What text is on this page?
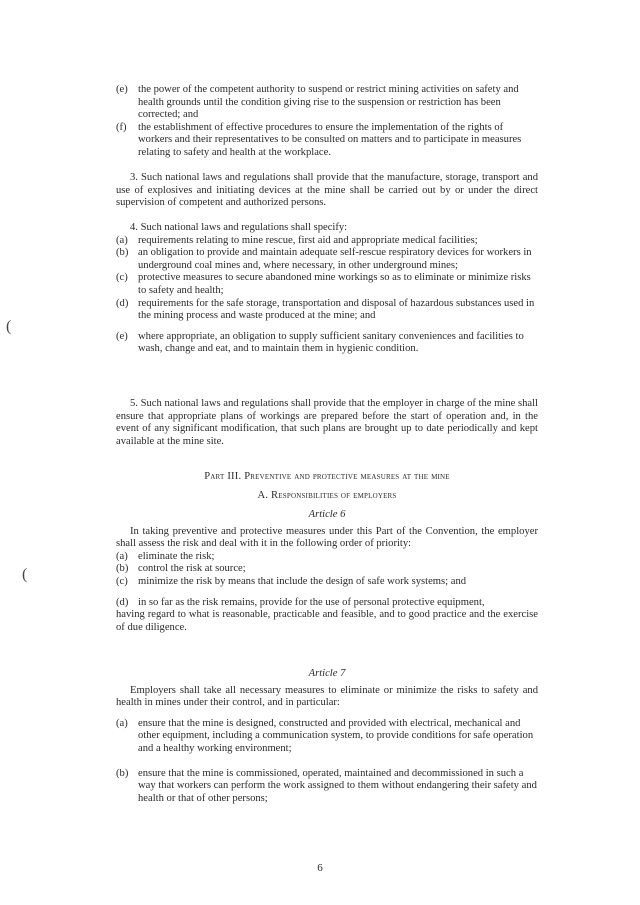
(e) the power of the competent authority to suspend or restrict mining activities on safety and health grounds until the condition giving rise to the suspension or restriction has been corrected; and

(f) the establishment of effective procedures to ensure the implementation of the rights of workers and their representatives to be consulted on matters and to participate in measures relating to safety and health at the workplace.

3. Such national laws and regulations shall provide that the manufacture, storage, transport and use of explosives and initiating devices at the mine shall be carried out by or under the direct supervision of competent and authorized persons.

4. Such national laws and regulations shall specify:

(a) requirements relating to mine rescue, first aid and appropriate medical facilities;

(b) an obligation to provide and maintain adequate self-rescue respiratory devices for workers in underground coal mines and, where necessary, in other underground mines;

(c) protective measures to secure abandoned mine workings so as to eliminate or minimize risks to safety and health;

(d) requirements for the safe storage, transportation and disposal of hazardous substances used in the mining process and waste produced at the mine; and

(e) where appropriate, an obligation to supply sufficient sanitary conveniences and facilities to wash, change and eat, and to maintain them in hygienic condition.

5. Such national laws and regulations shall provide that the employer in charge of the mine shall ensure that appropriate plans of workings are prepared before the start of operation and, in the event of any significant modification, that such plans are brought up to date periodically and kept available at the mine site.

Part III. Preventive and protective measures at the mine

A. Responsibilities of employers

Article 6

In taking preventive and protective measures under this Part of the Convention, the employer shall assess the risk and deal with it in the following order of priority:

(a) eliminate the risk;

(b) control the risk at source;

(c) minimize the risk by means that include the design of safe work systems; and

(d) in so far as the risk remains, provide for the use of personal protective equipment,

having regard to what is reasonable, practicable and feasible, and to good practice and the exercise of due diligence.

Article 7

Employers shall take all necessary measures to eliminate or minimize the risks to safety and health in mines under their control, and in particular:

(a) ensure that the mine is designed, constructed and provided with electrical, mechanical and other equipment, including a communication system, to provide conditions for safe operation and a healthy working environment;

(b) ensure that the mine is commissioned, operated, maintained and decommissioned in such a way that workers can perform the work assigned to them without endangering their safety and health or that of other persons;

(
(
6
